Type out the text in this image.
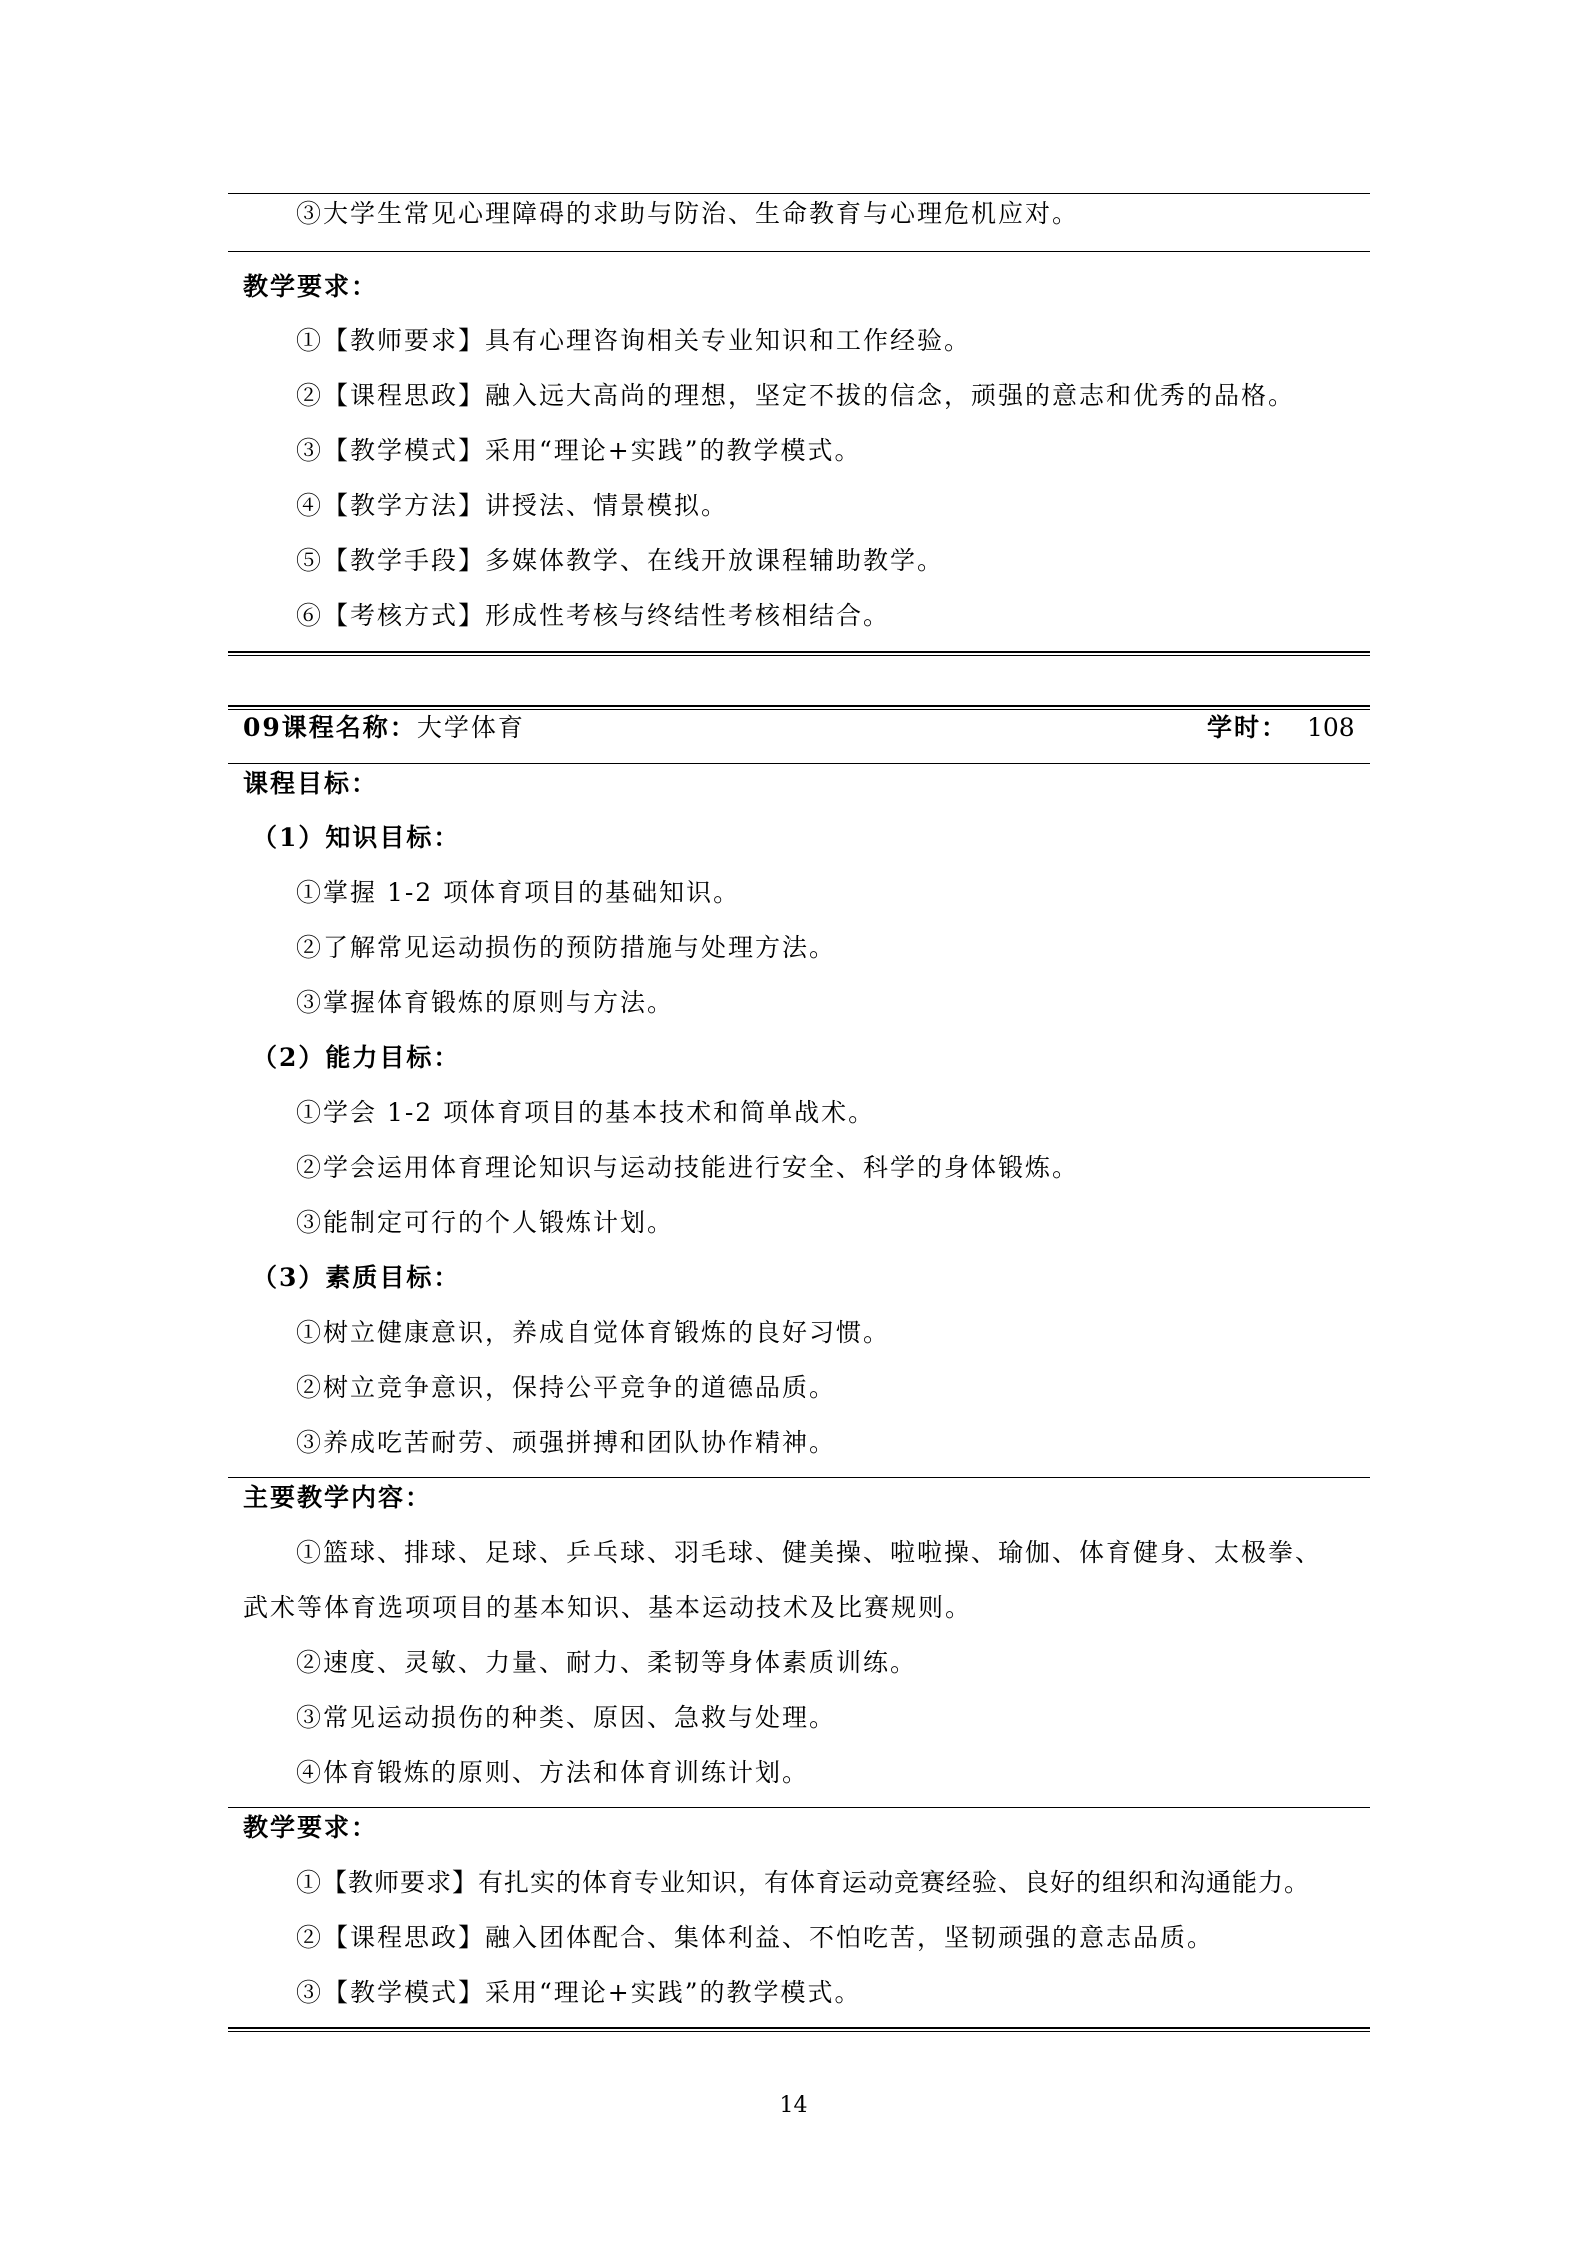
③大学生常见心理障碍的求助与防治、生命教育与心理危机应对。
教学要求：
①【教师要求】具有心理咨询相关专业知识和工作经验。
②【课程思政】融入远大高尚的理想，坚定不拔的信念，顽强的意志和优秀的品格。
③【教学模式】采用“理论+实践”的教学模式。
④【教学方法】讲授法、情景模拟。
⑤【教学手段】多媒体教学、在线开放课程辅助教学。
⑥【考核方式】形成性考核与终结性考核相结合。
09课程名称：大学体育	学时： 108
课程目标：
（1）知识目标：
①掌握 1-2 项体育项目的基础知识。
②了解常见运动损伤的预防措施与处理方法。
③掌握体育锻炼的原则与方法。
（2）能力目标：
①学会 1-2 项体育项目的基本技术和简单战术。
②学会运用体育理论知识与运动技能进行安全、科学的身体锻炼。
③能制定可行的个人锻炼计划。
（3）素质目标：
①树立健康意识，养成自觉体育锻炼的良好习惯。
②树立竞争意识，保持公平竞争的道德品质。
③养成吃苦耐劳、顽强拼搏和团队协作精神。
主要教学内容：
①篮球、排球、足球、乒乓球、羽毛球、健美操、啦啦操、瑜伽、体育健身、太极拳、
武术等体育选项项目的基本知识、基本运动技术及比赛规则。
②速度、灵敏、力量、耐力、柔韧等身体素质训练。
③常见运动损伤的种类、原因、急救与处理。
④体育锻炼的原则、方法和体育训练计划。
教学要求：
①【教师要求】有扎实的体育专业知识，有体育运动竞赛经验、良好的组织和沟通能力。
②【课程思政】融入团体配合、集体利益、不怕吃苦，坚韧顽强的意志品质。
③【教学模式】采用“理论+实践”的教学模式。
14
